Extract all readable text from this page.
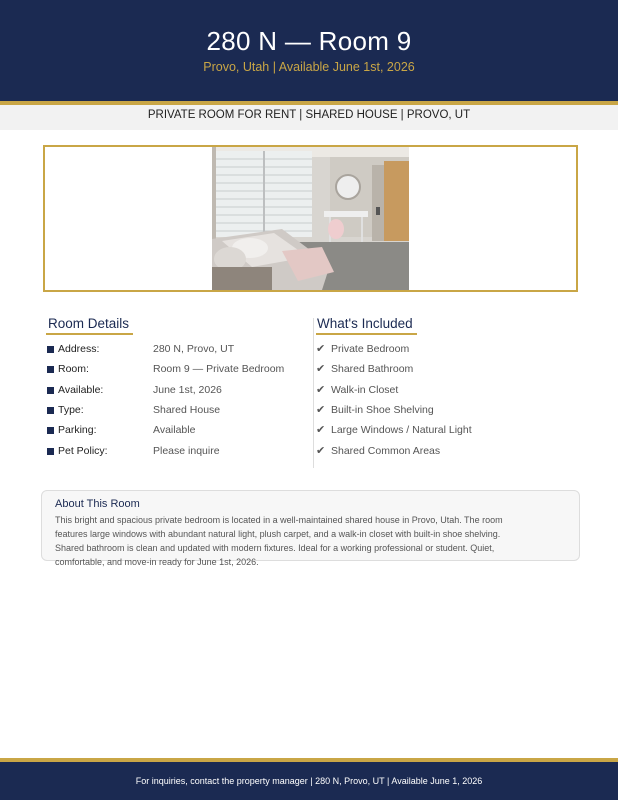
280 N — Room 9
Provo, Utah | Available June 1st, 2026
PRIVATE ROOM FOR RENT | SHARED HOUSE | PROVO, UT
Room Details	What's Included
Address:	280 N, Provo, UT
Room:	Room 9 — Private Bedroom
Available:	June 1st, 2026
Type:	Shared House
Parking:	Available
Pet Policy:	Please inquire
✔ Private Bedroom
✔ Shared Bathroom
✔ Walk-in Closet
✔ Built-in Shoe Shelving
✔ Large Windows / Natural Light
✔ Shared Common Areas
About This Room
This bright and spacious private bedroom is located in a well-maintained shared house in Provo, Utah. The room features large windows with abundant natural light, plush carpet, and a walk-in closet with built-in shoe shelving. Shared bathroom is clean and updated with modern fixtures. Ideal for a working professional or student. Quiet, comfortable, and move-in ready for June 1st, 2026.
For inquiries, contact the property manager | 280 N, Provo, UT | Available June 1, 2026
